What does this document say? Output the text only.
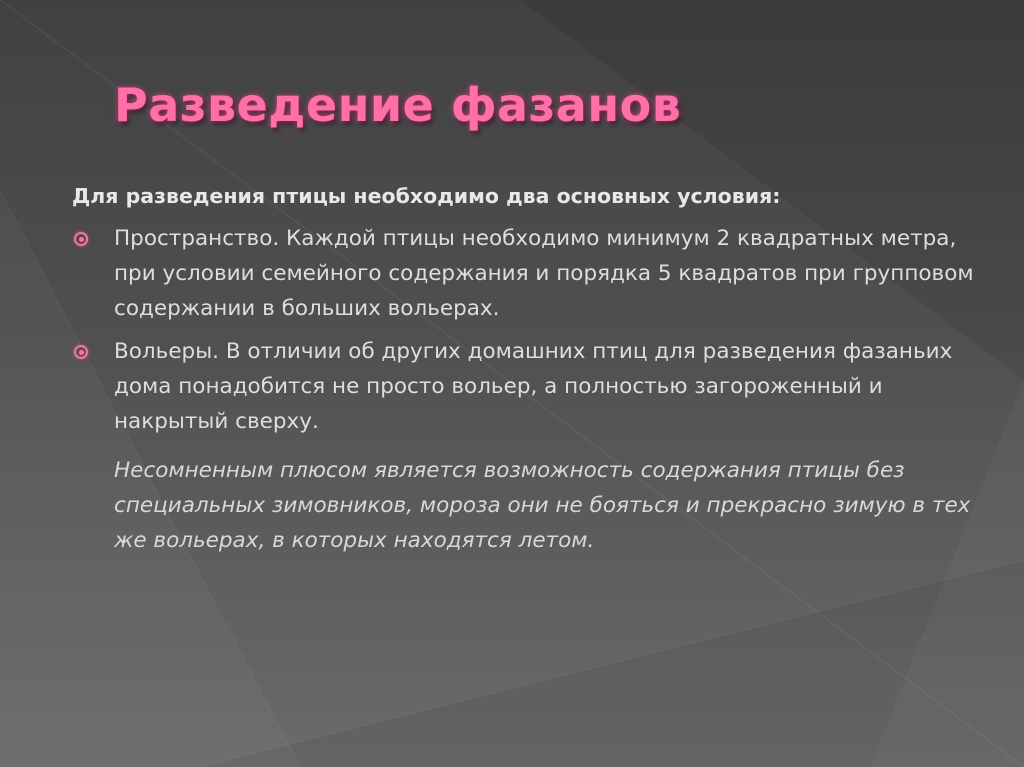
Разведение фазанов

Для разведения птицы необходимо два основных условия:

Пространство. Каждой птицы необходимо минимум 2 квадратных метра, при условии семейного содержания и порядка 5 квадратов при групповом содержании в больших вольерах.
Вольеры. В отличии об других домашних птиц для разведения фазаньих дома понадобится не просто вольер, а полностью загороженный и накрытый сверху.

Несомненным плюсом является возможность содержания птицы без специальных зимовников, мороза они не бояться и прекрасно зимую в тех же вольерах, в которых находятся летом.
